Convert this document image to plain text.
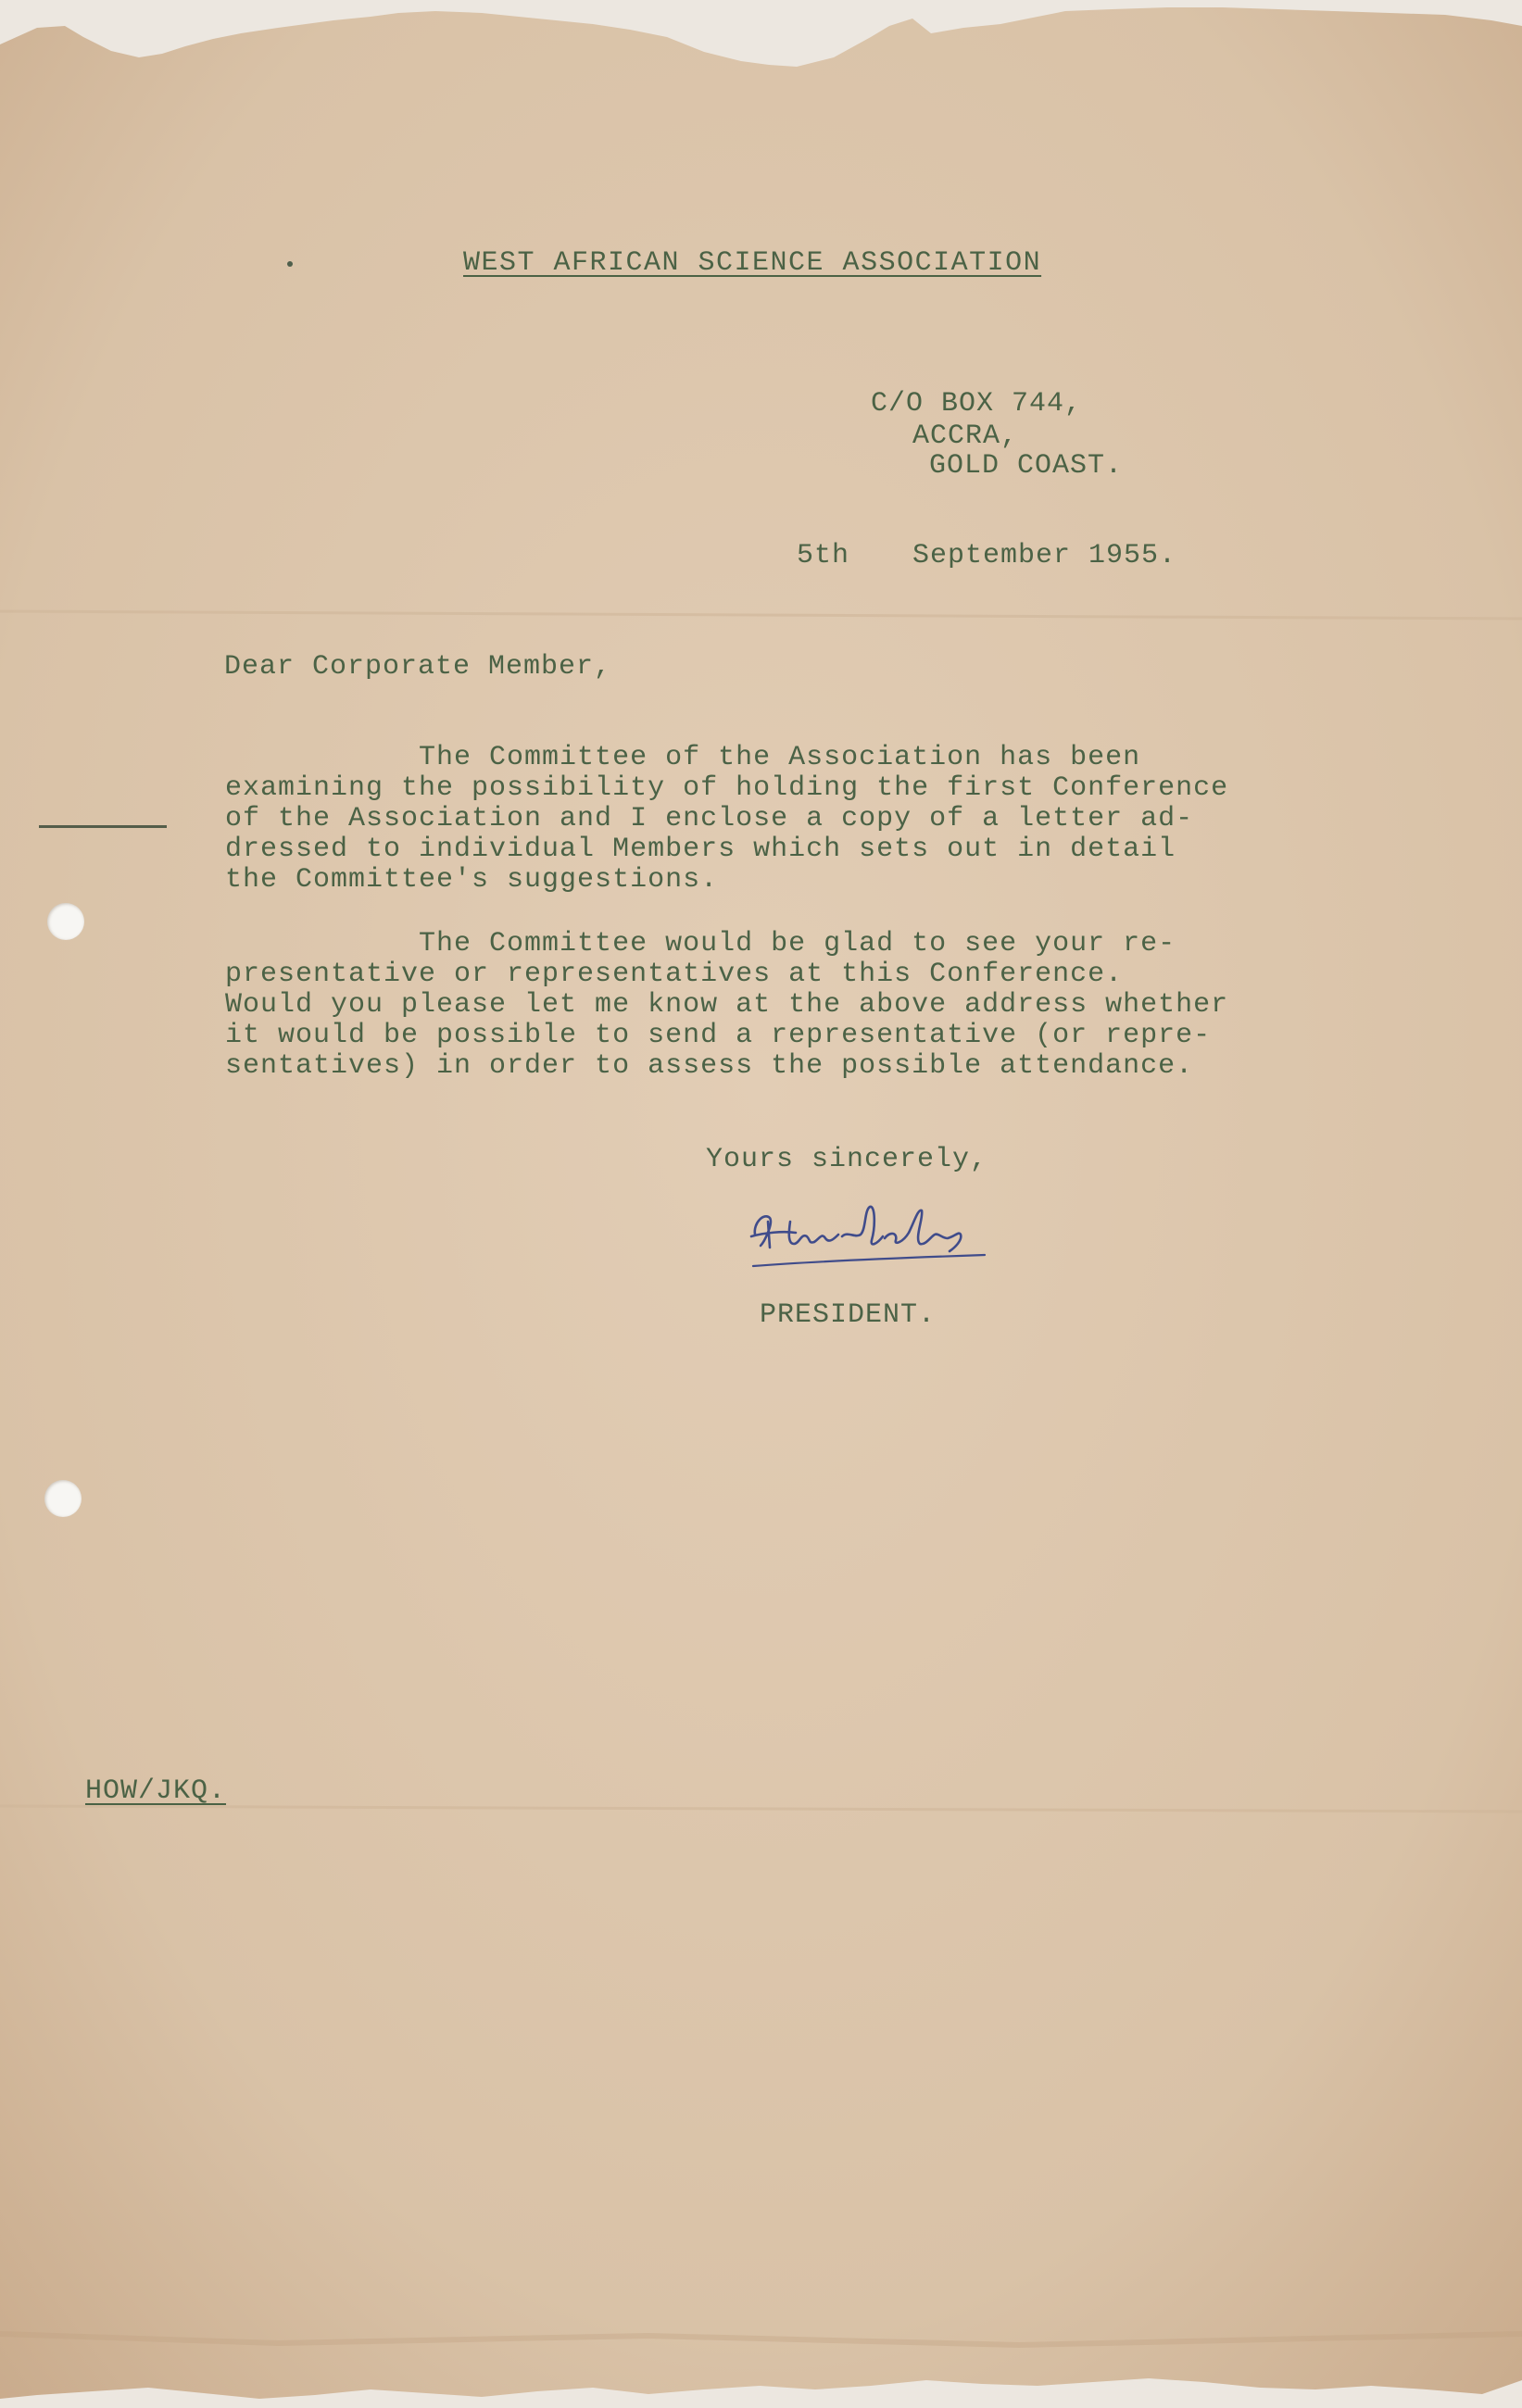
WEST AFRICAN SCIENCE ASSOCIATION
C/O BOX 744,
ACCRA,
GOLD COAST.
5th September 1955.
Dear Corporate Member,
The Committee of the Association has been
examining the possibility of holding the first Conference
of the Association and I enclose a copy of a letter ad-
dressed to individual Members which sets out in detail
the Committee's suggestions.
The Committee would be glad to see your re-
presentative or representatives at this Conference.
Would you please let me know at the above address whether
it would be possible to send a representative (or repre-
sentatives) in order to assess the possible attendance.
Yours sincerely,
PRESIDENT.
HOW/JKQ.
